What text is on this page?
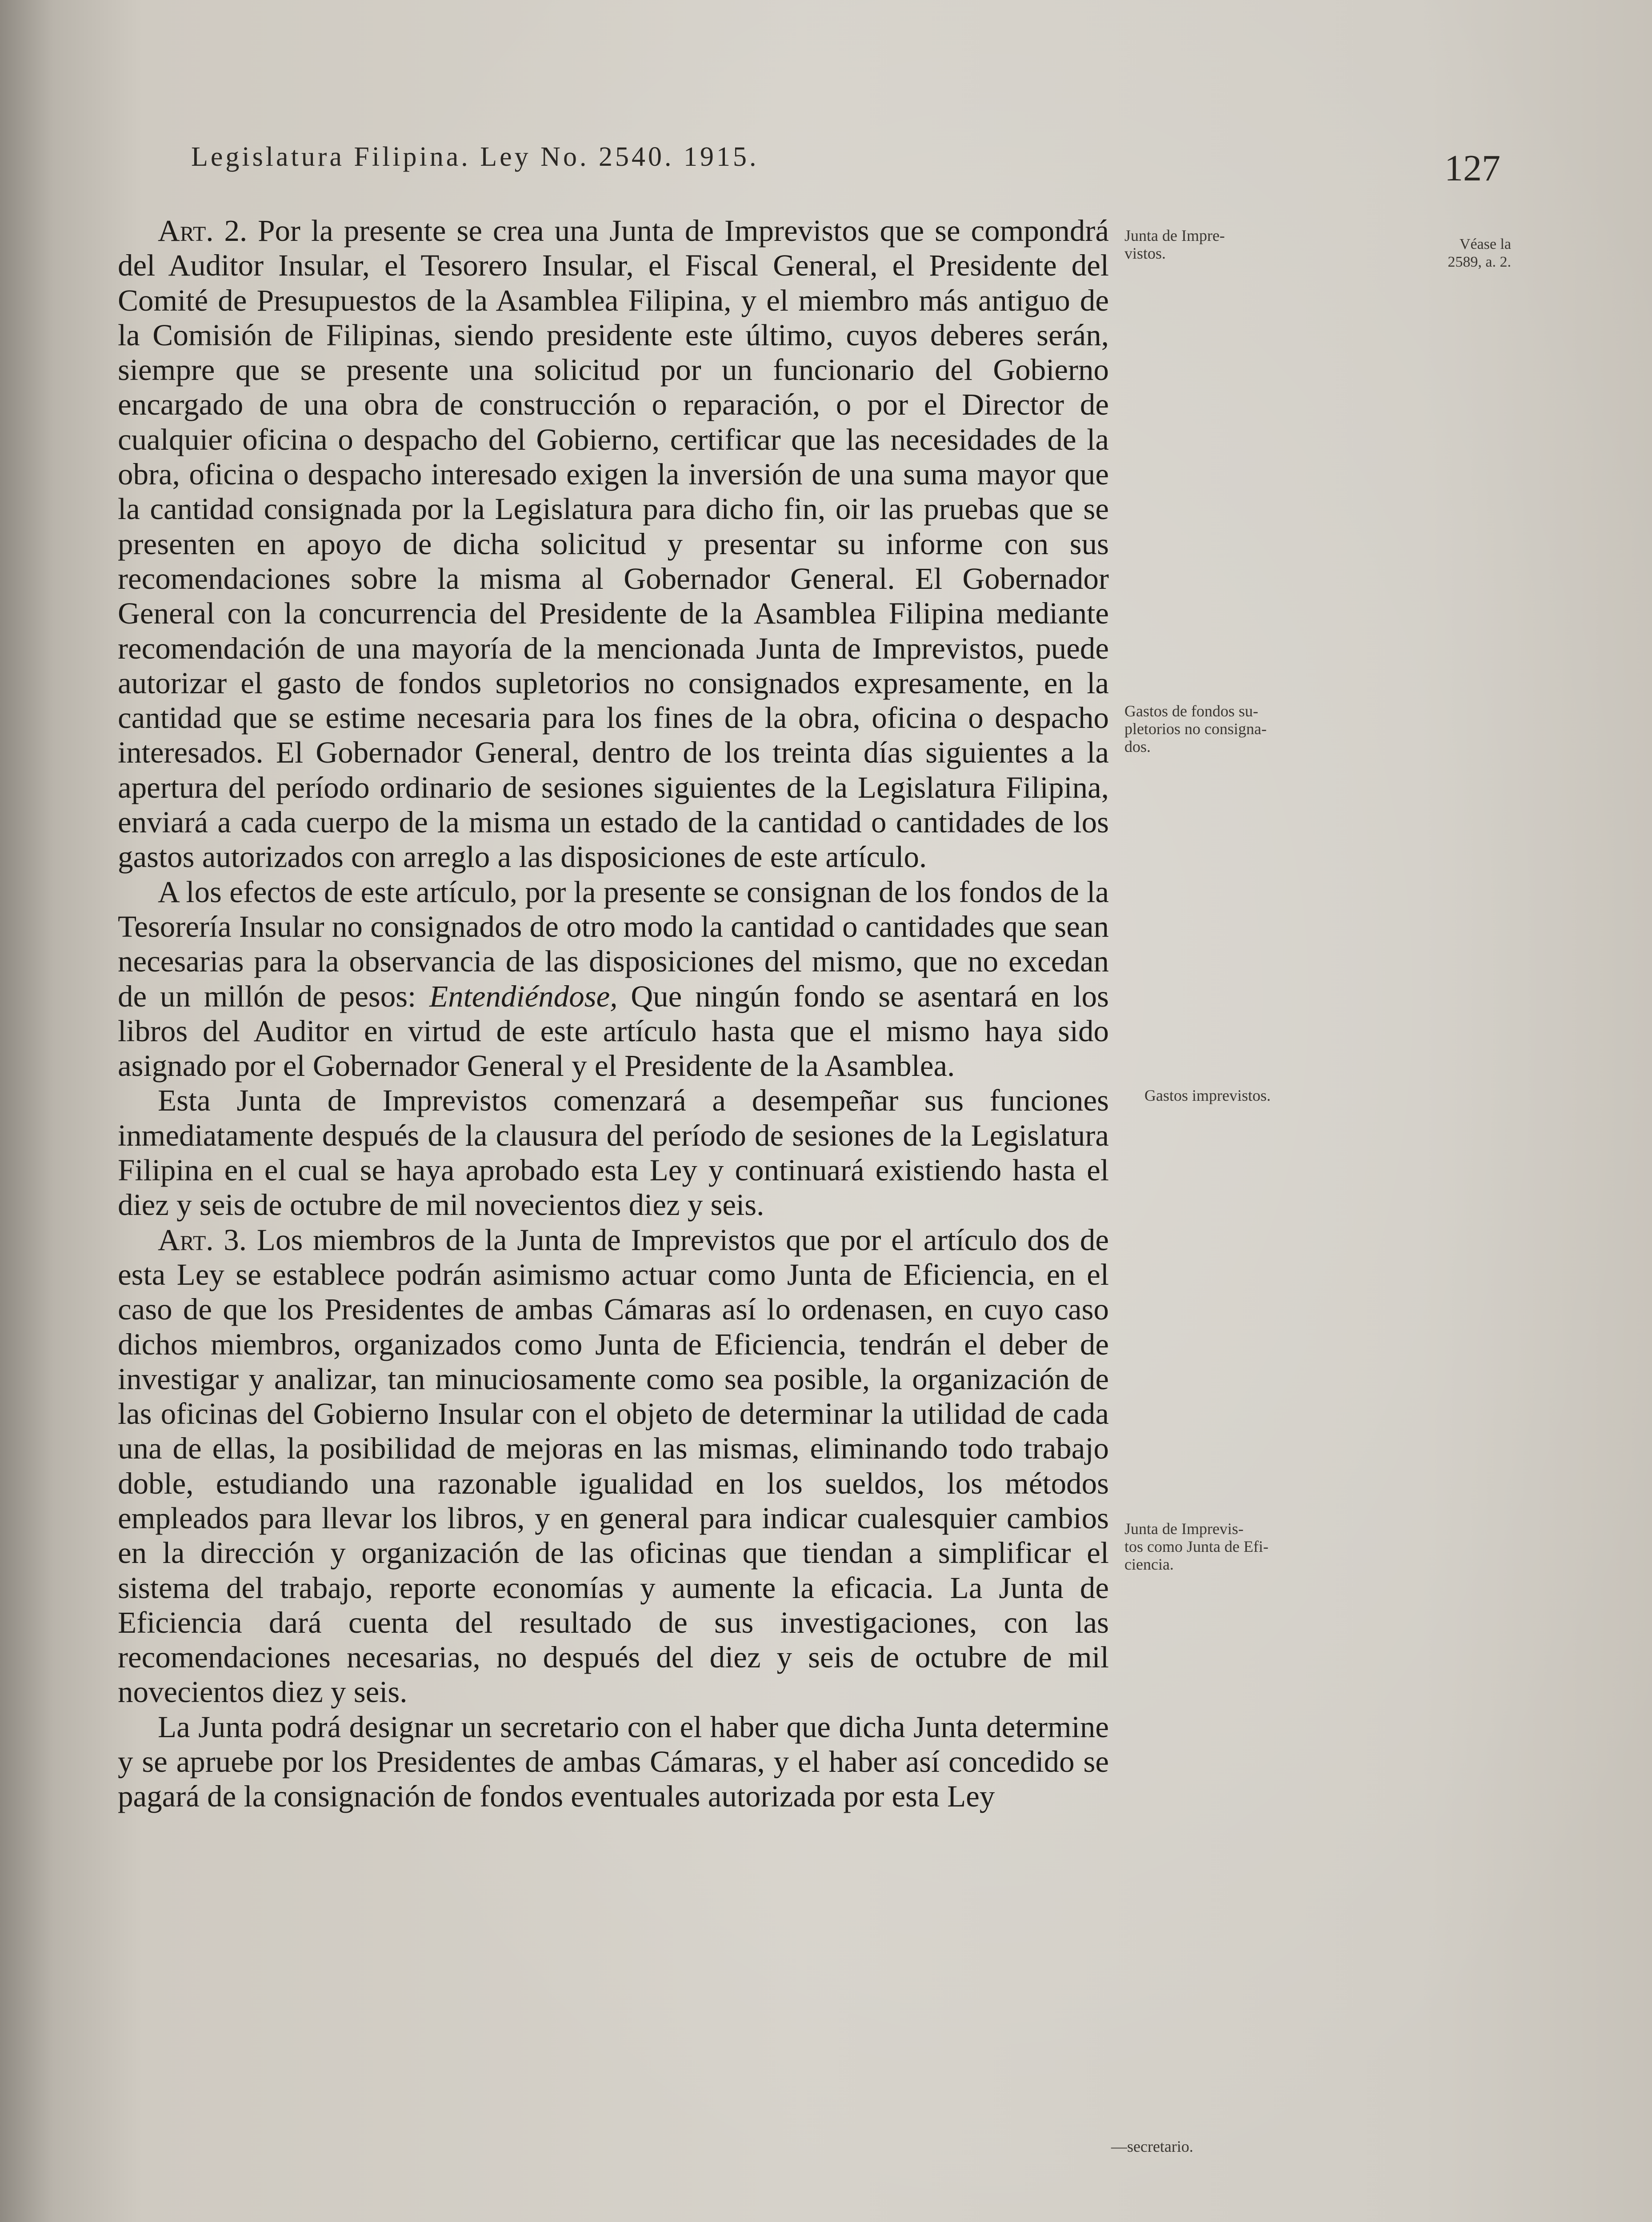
Legislatura Filipina. Ley No. 2540. 1915.	127

Art. 2. Por la presente se crea una Junta de Imprevistos que se compondrá del Auditor Insular, el Tesorero Insular, el Fiscal General, el Presidente del Comité de Presupuestos de la Asamblea Filipina, y el miembro más antiguo de la Comisión de Filipinas, siendo presidente este último, cuyos deberes serán, siempre que se presente una solicitud por un funcionario del Gobierno encargado de una obra de construcción o reparación, o por el Director de cualquier oficina o despacho del Gobierno, certificar que las necesidades de la obra, oficina o despacho interesado exigen la inversión de una suma mayor que la cantidad consignada por la Legislatura para dicho fin, oir las pruebas que se presenten en apoyo de dicha solicitud y presentar su informe con sus recomendaciones sobre la misma al Gobernador General. El Gobernador General con la concurrencia del Presidente de la Asamblea Filipina mediante recomendación de una mayoría de la mencionada Junta de Imprevistos, puede autorizar el gasto de fondos supletorios no consignados expresamente, en la cantidad que se estime necesaria para los fines de la obra, oficina o despacho interesados. El Gobernador General, dentro de los treinta días siguientes a la apertura del período ordinario de sesiones siguientes de la Legislatura Filipina, enviará a cada cuerpo de la misma un estado de la cantidad o cantidades de los gastos autorizados con arreglo a las disposiciones de este artículo.

A los efectos de este artículo, por la presente se consignan de los fondos de la Tesorería Insular no consignados de otro modo la cantidad o cantidades que sean necesarias para la observancia de las disposiciones del mismo, que no excedan de un millón de pesos: Entendiéndose, Que ningún fondo se asentará en los libros del Auditor en virtud de este artículo hasta que el mismo haya sido asignado por el Gobernador General y el Presidente de la Asamblea.

Esta Junta de Imprevistos comenzará a desempeñar sus funciones inmediatamente después de la clausura del período de sesiones de la Legislatura Filipina en el cual se haya aprobado esta Ley y continuará existiendo hasta el diez y seis de octubre de mil novecientos diez y seis.

Art. 3. Los miembros de la Junta de Imprevistos que por el artículo dos de esta Ley se establece podrán asimismo actuar como Junta de Eficiencia, en el caso de que los Presidentes de ambas Cámaras así lo ordenasen, en cuyo caso dichos miembros, organizados como Junta de Eficiencia, tendrán el deber de investigar y analizar, tan minuciosamente como sea posible, la organización de las oficinas del Gobierno Insular con el objeto de determinar la utilidad de cada una de ellas, la posibilidad de mejoras en las mismas, eliminando todo trabajo doble, estudiando una razonable igualidad en los sueldos, los métodos empleados para llevar los libros, y en general para indicar cualesquier cambios en la dirección y organización de las oficinas que tiendan a simplificar el sistema del trabajo, reporte economías y aumente la eficacia. La Junta de Eficiencia dará cuenta del resultado de sus investigaciones, con las recomendaciones necesarias, no después del diez y seis de octubre de mil novecientos diez y seis.

La Junta podrá designar un secretario con el haber que dicha Junta determine y se apruebe por los Presidentes de ambas Cámaras, y el haber así concedido se pagará de la consignación de fondos eventuales autorizada por esta Ley

Junta de Impre-
vistos.
Véase la
2589, a. 2.
Gastos de fondos su-
pletorios no consigna-
dos.
Gastos imprevistos.
Junta de Imprevis-
tos como Junta de Efi-
ciencia.
—secretario.
